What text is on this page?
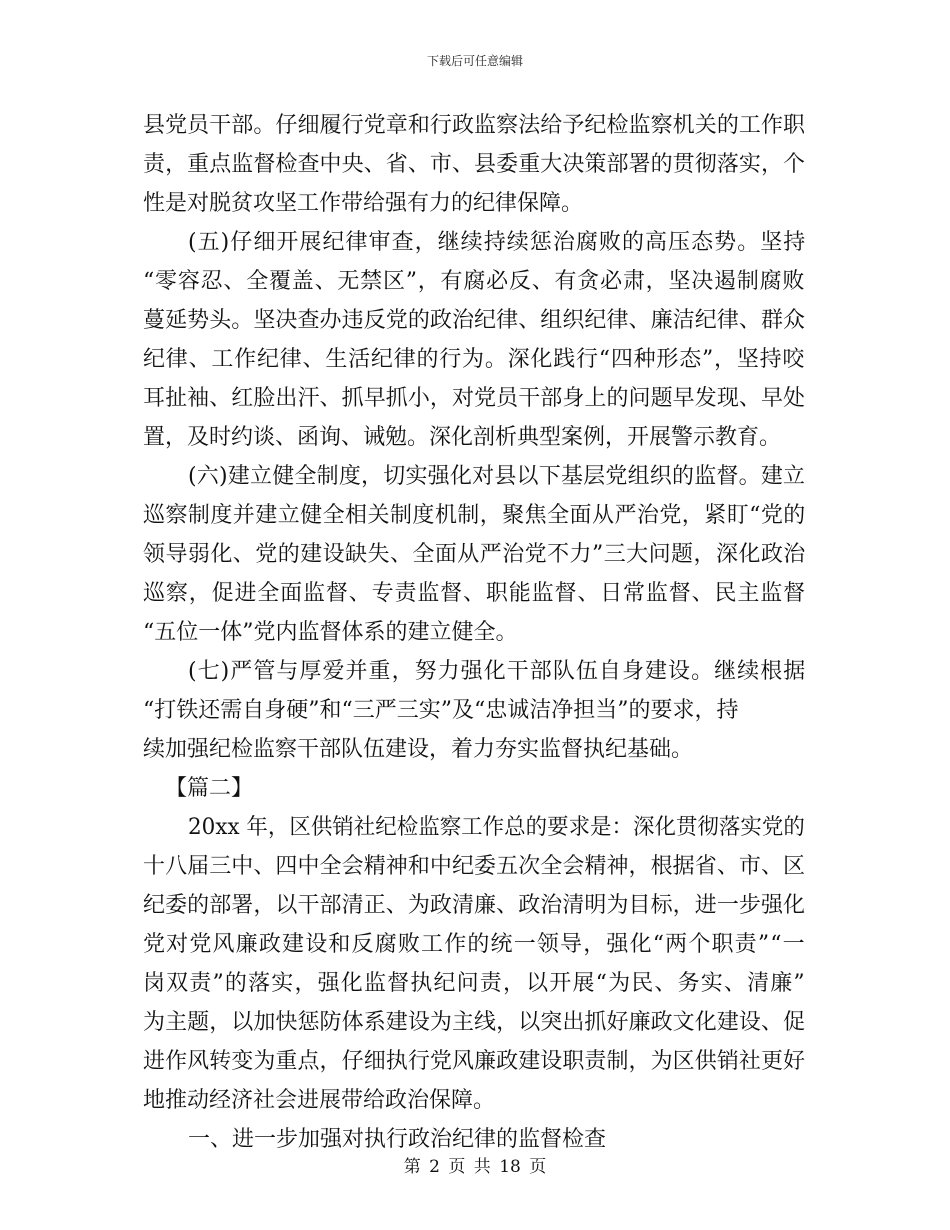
下载后可任意编辑
县党员干部。仔细履行党章和行政监察法给予纪检监察机关的工作职
责，重点监督检查中央、省、市、县委重大决策部署的贯彻落实，个
性是对脱贫攻坚工作带给强有力的纪律保障。
(五)仔细开展纪律审查，继续持续惩治腐败的高压态势。坚持
“零容忍、全覆盖、无禁区”，有腐必反、有贪必肃，坚决遏制腐败
蔓延势头。坚决查办违反党的政治纪律、组织纪律、廉洁纪律、群众
纪律、工作纪律、生活纪律的行为。深化践行“四种形态”，坚持咬
耳扯袖、红脸出汗、抓早抓小，对党员干部身上的问题早发现、早处
置，及时约谈、函询、诫勉。深化剖析典型案例，开展警示教育。
(六)建立健全制度，切实强化对县以下基层党组织的监督。建立
巡察制度并建立健全相关制度机制，聚焦全面从严治党，紧盯“党的
领导弱化、党的建设缺失、全面从严治党不力”三大问题，深化政治
巡察，促进全面监督、专责监督、职能监督、日常监督、民主监督
“五位一体”党内监督体系的建立健全。
(七)严管与厚爱并重，努力强化干部队伍自身建设。继续根据
“打铁还需自身硬”和“三严三实”及“忠诚洁净担当”的要求，持
续加强纪检监察干部队伍建设，着力夯实监督执纪基础。
【篇二】
20xx 年，区供销社纪检监察工作总的要求是：深化贯彻落实党的
十八届三中、四中全会精神和中纪委五次全会精神，根据省、市、区
纪委的部署，以干部清正、为政清廉、政治清明为目标，进一步强化
党对党风廉政建设和反腐败工作的统一领导，强化“两个职责”“一
岗双责”的落实，强化监督执纪问责，以开展“为民、务实、清廉”
为主题，以加快惩防体系建设为主线，以突出抓好廉政文化建设、促
进作风转变为重点，仔细执行党风廉政建设职责制，为区供销社更好
地推动经济社会进展带给政治保障。
一、进一步加强对执行政治纪律的监督检查
第 2 页 共 18 页
